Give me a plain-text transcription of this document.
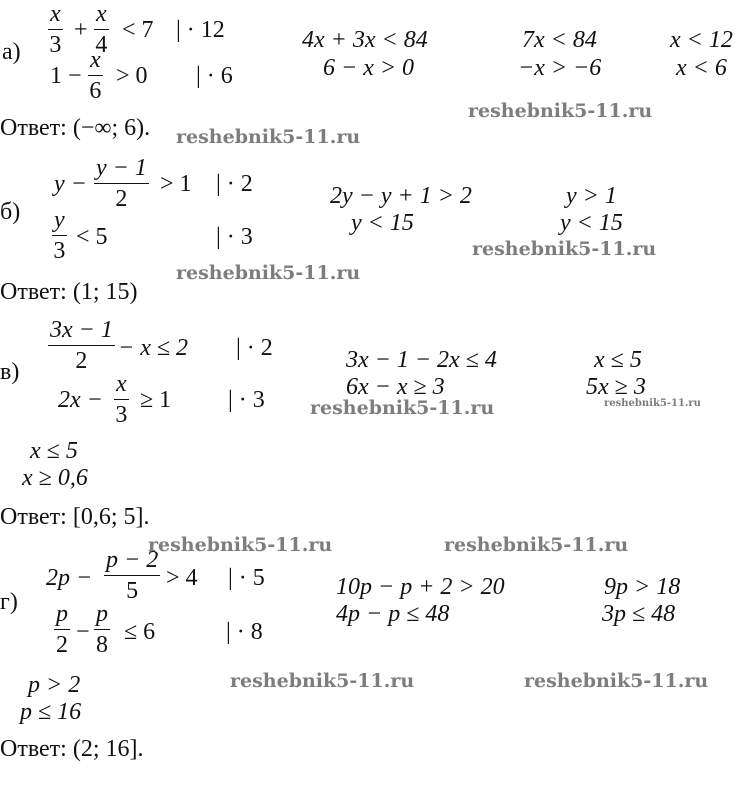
$а) \frac{x}{3} + \frac{x}{4} < 7$ | · 12
$1 - \frac{x}{6} > 0$ | · 6
4x + 3x < 84
6 − x > 0
7x < 84
−x > −6
x < 12
x < 6
Ответ: (−∞; 6).
б)
$y - \frac{y - 1}{2} > 1$ | · 2
$\frac{y}{3} < 5$	| · 3
2y − y + 1 > 2
y < 15
y > 1
y < 15
Ответ: (1; 15)
$в) \frac{3x - 1}{2} - x \le 2$ | · 2
$2x - \frac{x}{3} \ge 1$ | · 3
3x − 1 − 2x ≤ 4
6x − x ≥ 3
x ≤ 5
5x ≥ 3
x ≤ 5
x ≥ 0,6
Ответ: [0,6; 5].
г)
$2p - \frac{p - 2}{5} > 4$ | · 5
$\frac{p}{2} - \frac{p}{8} \le 6$	| · 8
10p − p + 2 > 20
4p − p ≤ 48
9p > 18
3p ≤ 48
p > 2
p ≤ 16
Ответ: (2; 16].
reshebnik5-11.ru
reshebnik5-11.ru
reshebnik5-11.ru
reshebnik5-11.ru
reshebnik5-11.ru	reshebnik5-11.ru
reshebnik5-11.ru	reshebnik5-11.ru
reshebnik5-11.ru	reshebnik5-11.ru
